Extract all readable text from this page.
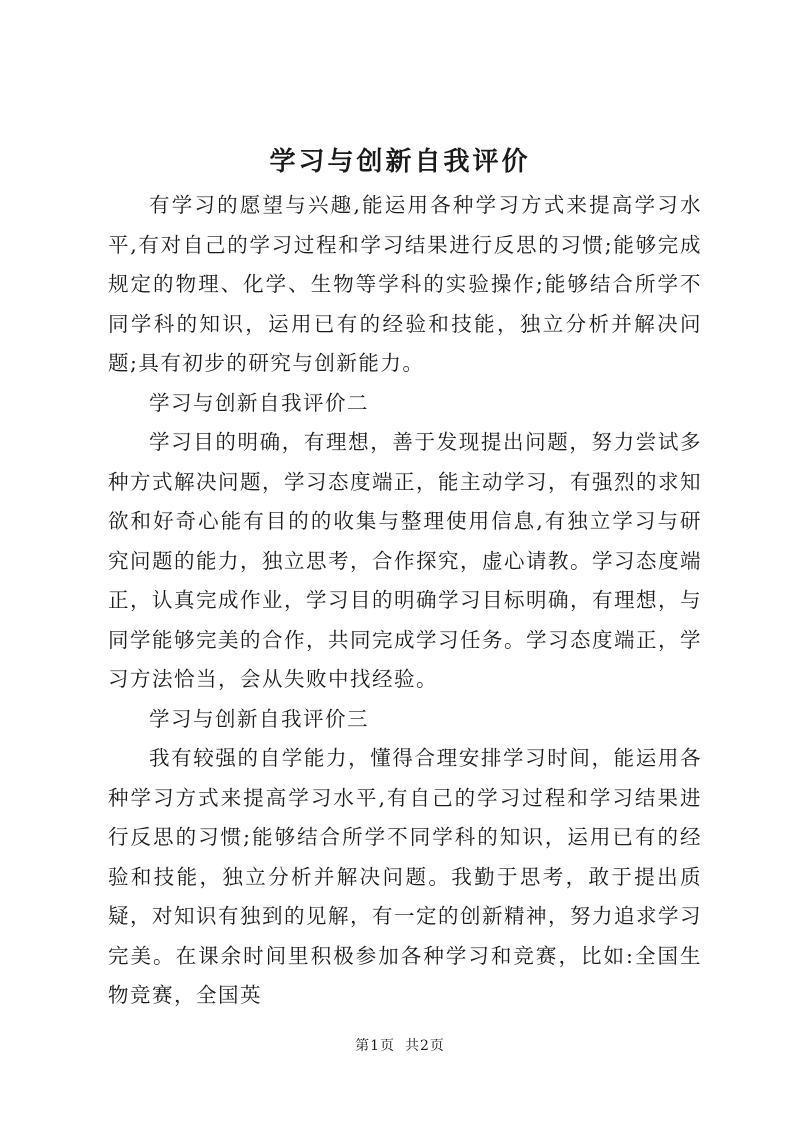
学习与创新自我评价

有学习的愿望与兴趣,能运用各种学习方式来提高学习水平,有对自己的学习过程和学习结果进行反思的习惯;能够完成规定的物理、化学、生物等学科的实验操作;能够结合所学不同学科的知识，运用已有的经验和技能，独立分析并解决问题;具有初步的研究与创新能力。

学习与创新自我评价二

学习目的明确，有理想，善于发现提出问题，努力尝试多种方式解决问题，学习态度端正，能主动学习，有强烈的求知欲和好奇心能有目的的收集与整理使用信息,有独立学习与研究问题的能力，独立思考，合作探究，虚心请教。学习态度端正，认真完成作业，学习目的明确学习目标明确，有理想，与同学能够完美的合作，共同完成学习任务。学习态度端正，学习方法恰当，会从失败中找经验。

学习与创新自我评价三

我有较强的自学能力，懂得合理安排学习时间，能运用各种学习方式来提高学习水平,有自己的学习过程和学习结果进行反思的习惯;能够结合所学不同学科的知识，运用已有的经验和技能，独立分析并解决问题。我勤于思考，敢于提出质疑，对知识有独到的见解，有一定的创新精神，努力追求学习完美。在课余时间里积极参加各种学习和竞赛，比如:全国生物竞赛，全国英

第1页 共2页
